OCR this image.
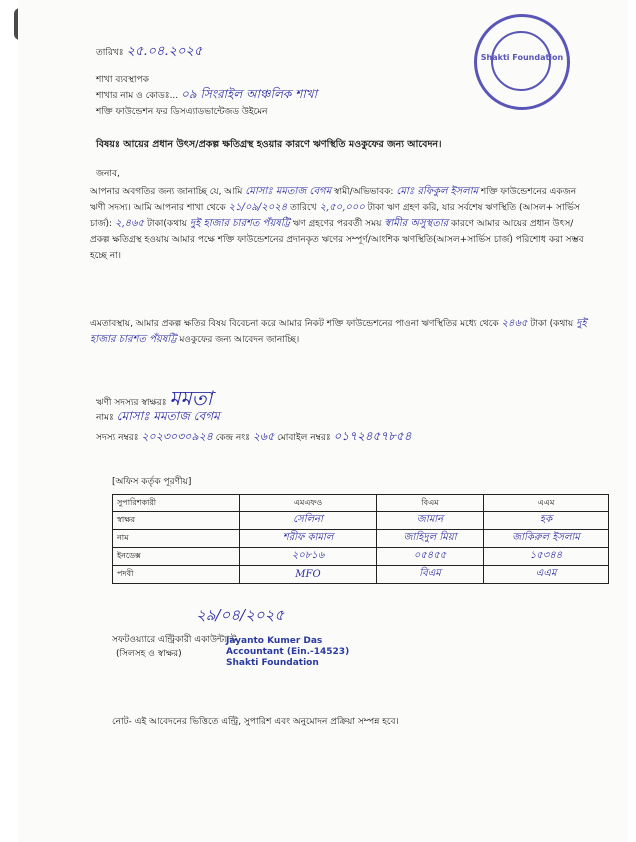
Shakti Foundation
তারিখঃ ২৫.০৪.২০২৫
শাখা ব্যবস্থাপক
শাখার নাম ও কোডঃ... ০৯ সিংরাইল আঞ্চলিক শাখা
শক্তি ফাউন্ডেশন ফর ডিসএ্যাডভান্টেজড উইমেন
বিষয়ঃ আয়ের প্রধান উৎস/প্রকল্প ক্ষতিগ্রস্থ হওয়ার কারণে ঋণস্থিতি মওকুফের জন্য আবেদন।
জনাব,
আপনার অবগতির জন্য জানাচ্ছি যে, আমি মোসাঃ মমতাজ বেগম স্বামী/অভিভাবক: মোঃ রফিকুল ইসলাম শক্তি ফাউন্ডেশনের একজন ঋণী সদস্য। আমি আপনার শাখা থেকে ২১/০৯/২০২৪ তারিখে ২,৫০,০০০ টাকা ঋণ গ্রহণ করি, যার সর্বশেষ ঋণস্থিতি (আসল+ সার্ভিস চার্জ): ২,৪৬৫ টাকা(কথায় দুই হাজার চারশত পঁয়ষট্টি ঋণ গ্রহণের পরবর্তী সময় স্বামীর অসুস্থতার কারণে আমার আয়ের প্রধান উৎস/প্রকল্প ক্ষতিগ্রস্থ হওয়ায় আমার পক্ষে শক্তি ফাউন্ডেশনের প্রদানকৃত ঋণের সম্পূর্ণ/আংশিক ঋণস্থিতি(আসল+সার্ভিস চার্জ) পরিশোধ করা সম্ভব হচ্ছে না।
এমতাবস্থায়, আমার প্রকল্প ক্ষতির বিষয় বিবেচনা করে আমার নিকট শক্তি ফাউন্ডেশনের পাওনা ঋণস্থিতির মধ্যে থেকে ২৪৬৫ টাকা (কথায় দুই হাজার চারশত পঁয়ষট্টি মওকুফের জন্য আবেদন জানাচ্ছি।
ঋণী সদস্যর স্বাক্ষরঃ মমতা
নামঃ মোসাঃ মমতাজ বেগম
সদস্য নম্বরঃ ২০২৩০৩০৯২৪ কেন্দ্র নংঃ ২৬৫ মোবাইল নম্বরঃ ০১৭২৪৫৭৮৫৪
[অফিস কর্তৃক পূরণীয়]
সুপারিশকারী	এমএফও	বিএম	এএম
স্বাক্ষর	সেলিনা	জামান	হক
নাম	শরীফ কামাল	জাহিদুল মিয়া	জাকিরুল ইসলাম
ইনডেক্স	২০৮১৬	০৫৪৫৫	১৫৩৪৪
পদবী	MFO	বিএম	এএম
২৯/০৪/২০২৫
সফটওয়্যারে এন্ট্রিকারী একাউন্ট্যান্ট
(সিলসহ ও স্বাক্ষর)
Jayanto Kumer Das
Accountant (Ein.-14523)
Shakti Foundation
নোট- এই আবেদনের ভিত্তিতে এন্ট্রি, সুপারিশ এবং অনুমোদন প্রক্রিয়া সম্পন্ন হবে।
